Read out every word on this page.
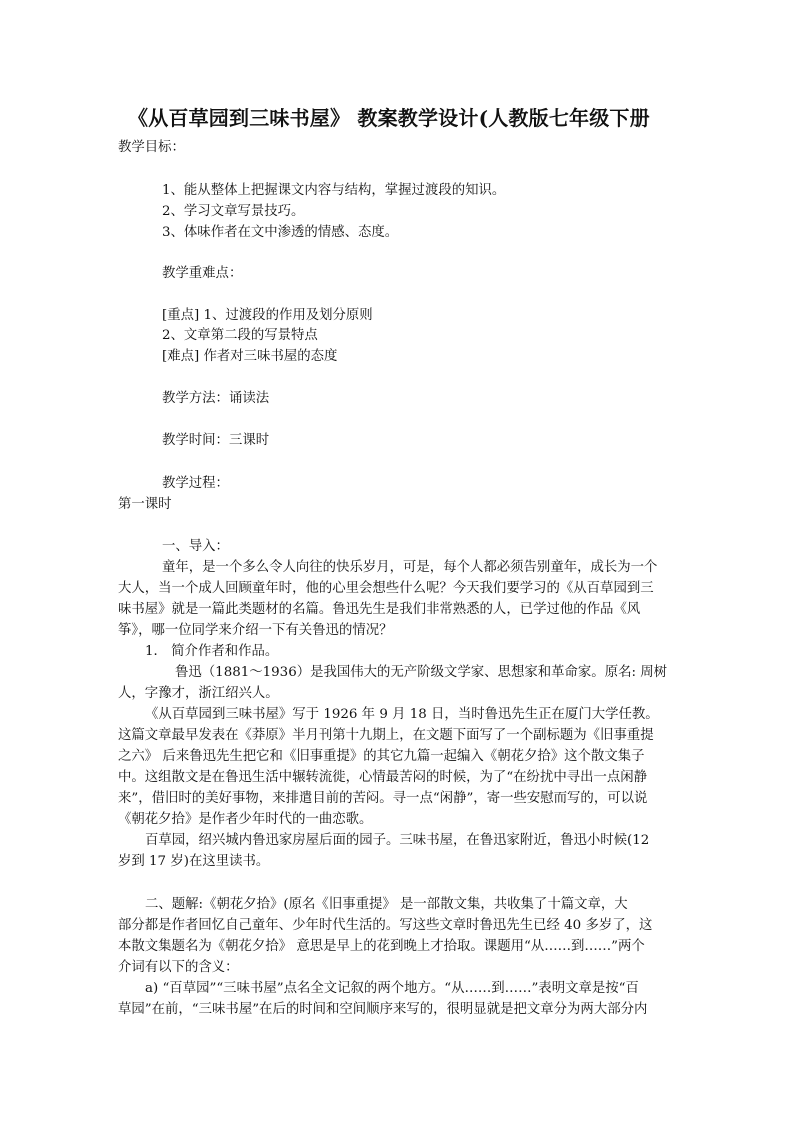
《从百草园到三味书屋》 教案教学设计(人教版七年级下册
教学目标：
1、能从整体上把握课文内容与结构，掌握过渡段的知识。
2、学习文章写景技巧。
3、体味作者在文中渗透的情感、态度。
教学重难点：
[重点] 1、过渡段的作用及划分原则
2、文章第二段的写景特点
[难点] 作者对三味书屋的态度
教学方法：诵读法
教学时间：三课时
教学过程：
第一课时
一、导入：
童年，是一个多么令人向往的快乐岁月，可是，每个人都必须告别童年，成长为一个
大人，当一个成人回顾童年时，他的心里会想些什么呢？今天我们要学习的《从百草园到三
味书屋》就是一篇此类题材的名篇。鲁迅先生是我们非常熟悉的人，已学过他的作品《风
筝》，哪一位同学来介绍一下有关鲁迅的情况？
1． 简介作者和作品。
鲁迅（1881～1936）是我国伟大的无产阶级文学家、思想家和革命家。原名: 周树
人，字豫才，浙江绍兴人。
《从百草园到三味书屋》写于 1926 年 9 月 18 日，当时鲁迅先生正在厦门大学任教。
这篇文章最早发表在《莽原》半月刊第十九期上，在文题下面写了一个副标题为《旧事重提
之六》 后来鲁迅先生把它和《旧事重提》的其它九篇一起编入《朝花夕拾》这个散文集子
中。这组散文是在鲁迅生活中辗转流徙，心情最苦闷的时候，为了“在纷扰中寻出一点闲静
来”，借旧时的美好事物，来排遣目前的苦闷。寻一点“闲静”，寄一些安慰而写的，可以说
《朝花夕拾》是作者少年时代的一曲恋歌。
百草园，绍兴城内鲁迅家房屋后面的园子。三味书屋，在鲁迅家附近，鲁迅小时候(12
岁到 17 岁)在这里读书。
二、题解:《朝花夕拾》(原名《旧事重提》 是一部散文集，共收集了十篇文章，大
部分都是作者回忆自己童年、少年时代生活的。写这些文章时鲁迅先生已经 40 多岁了，这
本散文集题名为《朝花夕拾》 意思是早上的花到晚上才拾取。课题用“从……到……”两个
介词有以下的含义：
a) “百草园”“三味书屋”点名全文记叙的两个地方。“从……到……”表明文章是按“百
草园”在前，“三味书屋”在后的时间和空间顺序来写的，很明显就是把文章分为两大部分内
